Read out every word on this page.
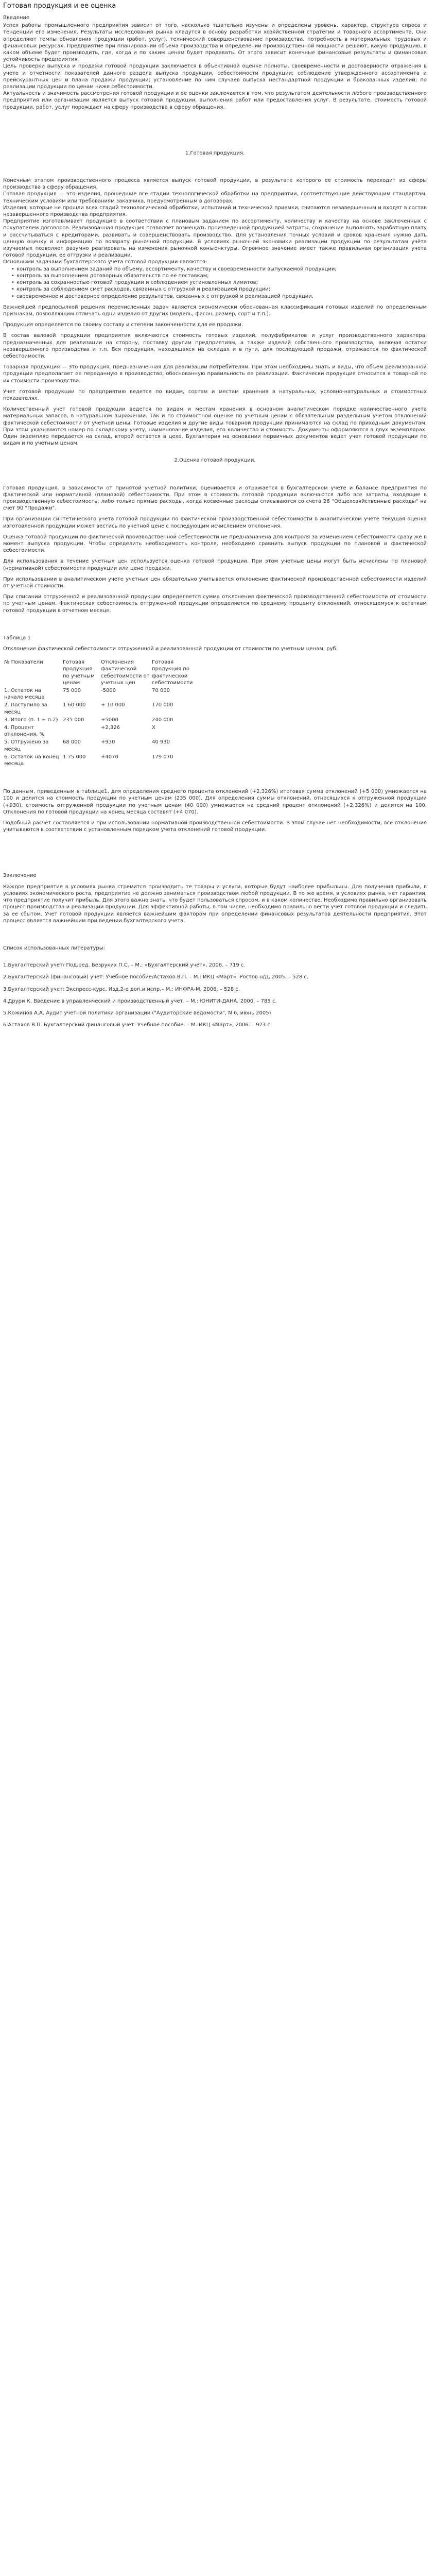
Готовая продукция и ее оценка

Введение

Успех работы промышленного предприятия зависит от того, насколько тщательно изучены и определены уровень, характер, структура спроса и тенденции его изменения. Результаты исследования рынка кладутся в основу разработки хозяйственной стратегии и товарного ассортимента. Они определяют темпы обновления продукции (работ, услуг), технический совершенствование производства, потребность в материальных, трудовых и финансовых ресурсах. Предприятие при планировании объема производства и определении производственной мощности решают, какую продукцию, в каком объеме будет производить, где, когда и по каким ценам будет продавать. От этого зависит конечные финансовые результаты и финансовая устойчивость предприятия.

Цель проверки выпуска и продажи готовой продукции заключается в объективной оценке полноты, своевременности и достоверности отражения в учете и отчетности показателей данного раздела выпуска продукции, себестоимости продукции; соблюдение утвержденного ассортимента и прейскурантных цен и плана продажи продукции; установление по ним случаев выпуска нестандартной продукции и бракованных изделий; по реализации продукции по ценам ниже себестоимости.

Актуальность и значимость рассмотрения готовой продукции и ее оценки заключается в том, что результатом деятельности любого производственного предприятия или организации является выпуск готовой продукции, выполнения работ или предоставления услуг. В результате, стоимость готовой продукции, работ, услуг порождает на сферу производства в сферу обращения.

1.Готовая продукция.

Конечным этапом производственного процесса является выпуск готовой продукции, в результате которого ее стоимость переходит из сферы производства в сферу обращения.

Готовая продукция — это изделия, прошедшие все стадии технологической обработки на предприятии, соответствующие действующим стандартам, техническим условиям или требованиям заказчика, предусмотренным в договорах.

Изделия, которые не прошли всех стадий технологической обработки, испытаний и технической приемки, считаются незавершенным и входят в состав незавершенного производства предприятия.

Предприятие изготавливает продукцию в соответствии с плановым заданием по ассортименту, количеству и качеству на основе заключенных с покупателем договоров. Реализованная продукция позволяет возмещать произведенной продукцией затраты, сохранение выполнять заработную плату и рассчитываться с кредиторами, развивать и совершенствовать производство. Для установления точных условий и сроков хранения нужно дать ценную оценку и информацию по возврату рыночной продукции. В условиях рыночной экономики реализации продукции по результатам учёта изучаемых позволяет разумно реагировать на изменения рыночной конъюнктуры. Огромное значение имеет также правильная организация учета готовой продукции, ее отгрузки и реализации.

Основными задачами бухгалтерского учета готовой продукции являются:

• контроль за выполнением заданий по объему, ассортименту, качеству и своевременности выпускаемой продукции;
• контроль за выполнением договорных обязательств по ее поставкам;
• контроль за сохранностью готовой продукции и соблюдением установленных лимитов;
• контроль за соблюдением смет расходов, связанных с отгрузкой и реализацией продукции;
• своевременное и достоверное определение результатов, связанных с отгрузкой и реализацией продукции.

Важнейшей предпосылкой решения перечисленных задач является экономически обоснованная классификация готовых изделий по определенным признакам, позволяющим отличать одни изделия от других (модель, фасон, размер, сорт и т.п.).

Продукция определяется по своему составу и степени законченности для ее продажи.

В состав валовой продукции предприятия включаются стоимость готовых изделий, полуфабрикатов и услуг производственного характера, предназначенных для реализации на сторону, поставку другим предприятиям, а также изделий собственного производства, включая остатки незавершенного производства и т.п. Вся продукция, находящаяся на складах и в пути, для последующей продажи, отражается по фактической себестоимости.

Товарная продукция — это продукция, предназначенная для реализации потребителям. При этом необходимы знать и виды, что объем реализованной продукции предполагает ее переданную в производство, обоснованную правильность ее реализации. Фактически продукция относится к товарной по их стоимости производства.

Учет готовой продукции по предприятию ведется по видам, сортам и местам хранения в натуральных, условно-натуральных и стоимостных показателях.

Количественный учет готовой продукции ведется по видам и местам хранения в основном аналитическом порядке количественного учета материальных запасов, в натуральном выражении. Так и по стоимостной оценке по учетным ценам с обязательным раздельным учетом отклонений фактической себестоимости от учетной цены. Готовые изделия и другие виды товарной продукции принимаются на склад по приходным документам. При этом указываются номер по складскому учету, наименование изделия, его количество и стоимость. Документы оформляются в двух экземплярах. Один экземпляр передается на склад, второй остается в цехе. Бухгалтерия на основании первичных документов ведет учет готовой продукции по видам и по учетным ценам.

2.Оценка готовой продукции.

Готовая продукция, в зависимости от принятой учетной политики, оценивается и отражается в бухгалтерском учете и балансе предприятия по фактической или нормативной (плановой) себестоимости. При этом в стоимость готовой продукции включаются либо все затраты, входящие в производственную себестоимость, либо только прямые расходы, когда косвенные расходы списываются со счета 26 "Общехозяйственные расходы" на счет 90 "Продажи".

При организации синтетического учета готовой продукции по фактической производственной себестоимости в аналитическом учете текущая оценка изготовленной продукции может вестись по учетной цене с последующим исчислением отклонения.

Оценка готовой продукции по фактической производственной себестоимости не предназначена для контроля за изменением себестоимости сразу же в момент выпуска продукции. Чтобы определить необходимость контроля, необходимо сравнить выпуск продукции по плановой и фактической себестоимости.

Для использования в течение учетных цен используется оценка готовой продукции. При этом учетные цены могут быть исчислены по плановой (нормативной) себестоимости продукции или цене продажи.

При использовании в аналитическом учете учетных цен обязательно учитывается отклонение фактической производственной себестоимости изделий от учетной стоимости.

При списании отгруженной и реализованной продукции определяется сумма отклонения фактической производственной себестоимости от стоимости по учетным ценам. Фактическая себестоимость отгруженной продукции определяется по среднему проценту отклонений, относящемуся к остаткам готовой продукции в отчетном месяце.

Таблица 1

Отклонение фактической себестоимости отгруженной и реализованной продукции от стоимости по учетным ценам, руб.

№ Показатели	Готовая продукция по учетным ценам	Отклонения фактической себестоимости от учетных цен	Готовая продукция по фактической себестоимости
1. Остаток на начало месяца	75 000	-5000	70 000
2. Поступило за месяц	1 60 000	+ 10 000	170 000
3. Итого (п. 1 + п.2)	235 000	+5000	240 000
4. Процент отклонения, %		+2,326	X
5. Отгружено за месяц	68 000	+930	40 930
6. Остаток на конец месяца	1 75 000	+4070	179 070

По данным, приведенным в таблице1, для определения среднего процента отклонений (+2,326%) итоговая сумма отклонений (+5 000) умножается на 100 и делится на стоимость продукции по учетным ценам (235 000). Для определения суммы отклонений, относящихся к отгруженной продукции (+930), стоимость отгруженной продукции по учетным ценам (40 000) умножается на средний процент отклонений (+2,326%) и делится на 100. Отклонения по готовой продукции на конец месяца составят (+4 070).

Подобный расчет составляется и при использовании нормативной производственной себестоимости. В этом случае нет необходимости, все отклонения учитываются в соответствии с установленным порядком учета отклонений готовой продукции.

Заключение

Каждое предприятие в условиях рынка стремится производить те товары и услуги, которые будут наиболее прибыльны. Для получения прибыли, в условиях экономического роста, предприятие не должно заниматься производством любой продукции. В то же время, в условиях рынка, нет гарантии, что предприятие получит прибыль. Для этого важно знать, что будет пользоваться спросом, и в каком количестве. Необходимо правильно организовать процесс производства и реализации продукции. Для эффективной работы, в том числе, необходимо правильно вести учет готовой продукции и следить за ее сбытом. Учет готовой продукции является важнейшим фактором при определении финансовых результатов деятельности предприятия. Этот процесс является важнейшим при ведении бухгалтерского учета.

Список использованных литературы:

1.Бухгалтерский учет/ Под.ред. Безруких П.С. – М.: «Бухгалтерский учет», 2006. – 719 с.

2.Бухгалтерский (финансовый) учет: Учебное пособие/Астахов В.П. – М.: ИКЦ «Март»; Ростов н/Д, 2005. – 528 с.

3.Бухгалтерский учет: Экспресс-курс. Изд.2-е доп.и испр.– М.: ИНФРА-М, 2006. – 528 с.

4.Друри К. Введение в управленческий и производственный учет. – М.: ЮНИТИ-ДАНА, 2000. – 785 с.

5.Кожинов А.А. Аудит учетной политики организации ("Аудиторские ведомости", N 6, июнь 2005)

6.Астахов В.П. Бухгалтерский финансовый учет: Учебное пособие. – М.:ИКЦ «Март», 2006. – 923 с.
